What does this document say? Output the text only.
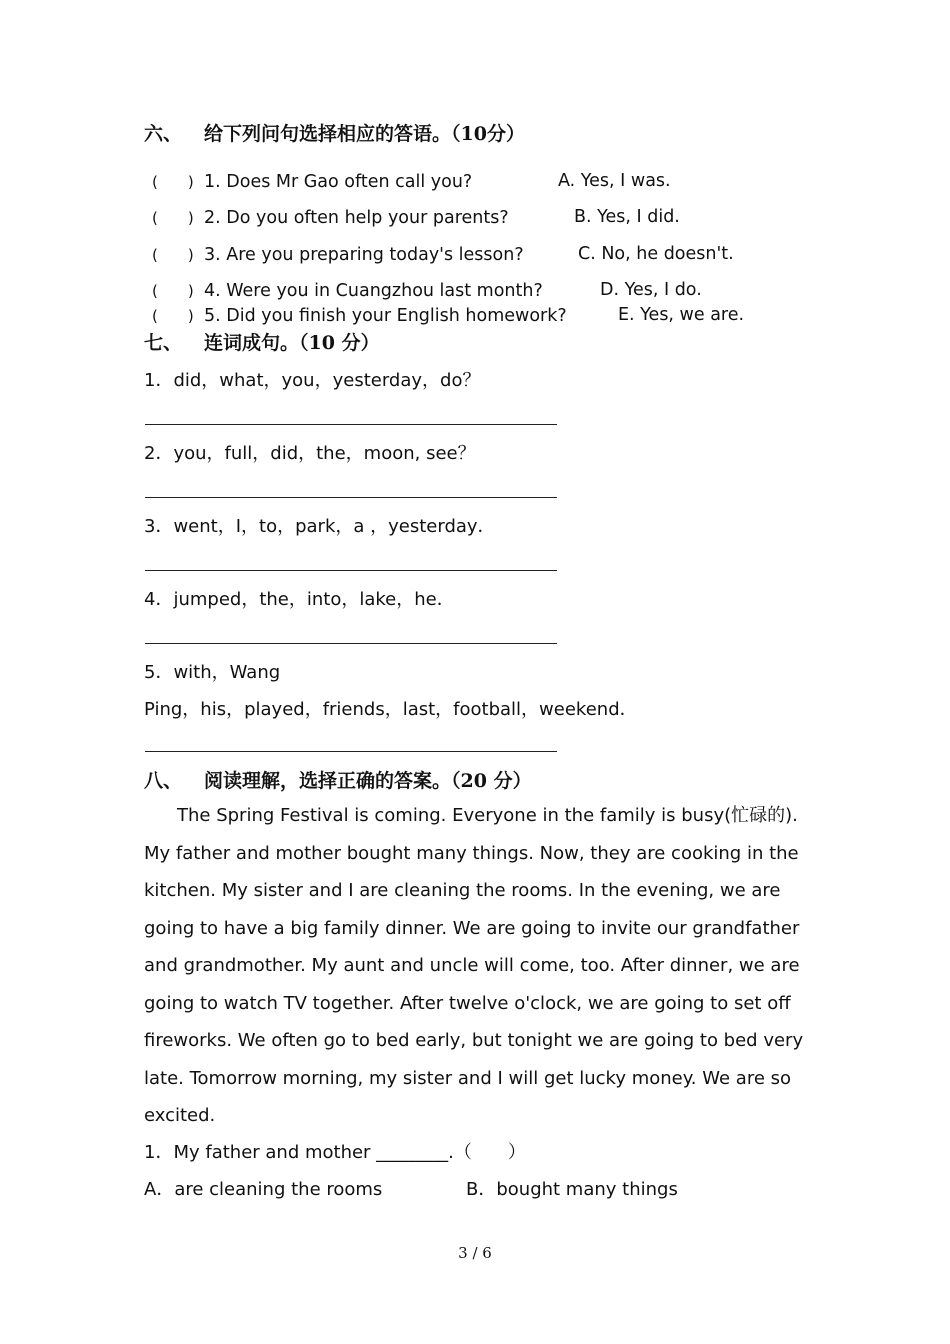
六、 给下列问句选择相应的答语。（10分）
(　　) 1. Does Mr Gao often call you?	A. Yes, I was.
(　　) 2. Do you often help your parents?	B. Yes, I did.
(　　) 3. Are you preparing today's lesson?	C. No, he doesn't.
(　　) 4. Were you in Cuangzhou last month?	D. Yes, I do.
(　　) 5. Did you finish your English homework?	E. Yes, we are.
七、 连词成句。（10 分）
1．did，what，you，yesterday，do？
2．you，full，did，the，moon, see？
3．went，I，to，park，a ，yesterday．
4．jumped，the，into，lake，he．
5．with，Wang
Ping，his，played，friends，last，football，weekend．
八、 阅读理解，选择正确的答案。（20 分）

The Spring Festival is coming. Everyone in the family is busy(忙碌的). My father and mother bought many things. Now, they are cooking in the kitchen. My sister and I are cleaning the rooms. In the evening, we are going to have a big family dinner. We are going to invite our grandfather and grandmother. My aunt and uncle will come, too. After dinner, we are going to watch TV together. After twelve o'clock, we are going to set off fireworks. We often go to bed early, but tonight we are going to bed very late. Tomorrow morning, my sister and I will get lucky money. We are so excited.

1．My father and mother ________.（　　）
A．are cleaning the rooms	B．bought many things
3 / 6
